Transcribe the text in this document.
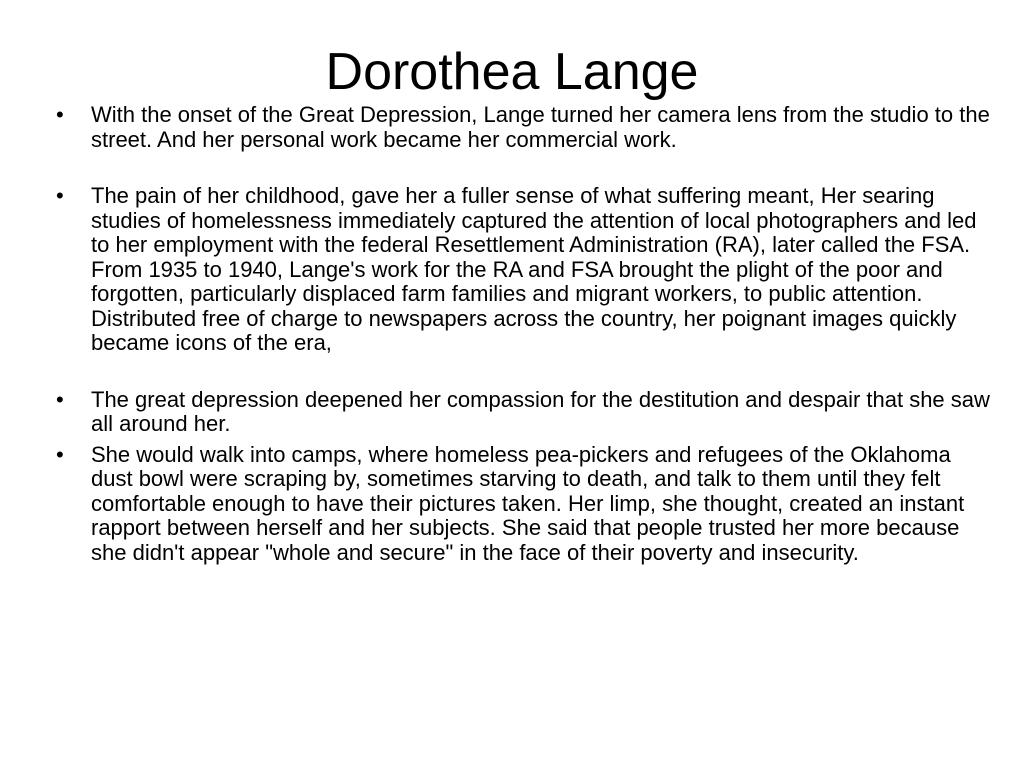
Dorothea Lange
•	With the onset of the Great Depression, Lange turned her camera lens from the studio to the street. And her personal work became her commercial work.
•	The pain of her childhood, gave her a fuller sense of what suffering meant, Her searing studies of homelessness immediately captured the attention of local photographers and led to her employment with the federal Resettlement Administration (RA), later called the FSA. From 1935 to 1940, Lange's work for the RA and FSA brought the plight of the poor and forgotten, particularly displaced farm families and migrant workers, to public attention. Distributed free of charge to newspapers across the country, her poignant images quickly became icons of the era,
•	The great depression deepened her compassion for the destitution and despair that she saw all around her.
•	She would walk into camps, where homeless pea-pickers and refugees of the Oklahoma dust bowl were scraping by, sometimes starving to death, and talk to them until they felt comfortable enough to have their pictures taken. Her limp, she thought, created an instant rapport between herself and her subjects. She said that people trusted her more because she didn't appear "whole and secure" in the face of their poverty and insecurity.
